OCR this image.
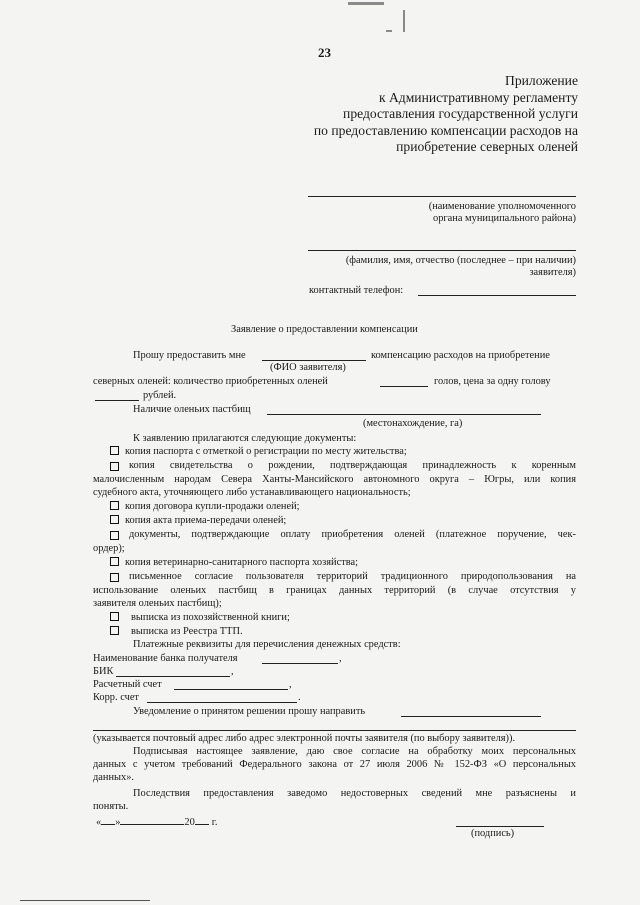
23
Приложение
к Административному регламенту
предоставления государственной услуги
по предоставлению компенсации расходов на
приобретение северных оленей
(наименование уполномоченного
органа муниципального района)
(фамилия, имя, отчество (последнее – при наличии)
заявителя)
контактный телефон:
Заявление о предоставлении компенсации
Прошу предоставить мне	компенсацию расходов на приобретение
(ФИО заявителя)
северных оленей: количество приобретенных оленей	голов, цена за одну голову
рублей.
Наличие оленьих пастбищ
(местонахождение, га)
К заявлению прилагаются следующие документы:
копия паспорта с отметкой о регистрации по месту жительства;
копия свидетельства о рождении, подтверждающая принадлежность к коренным
малочисленным народам Севера Ханты-Мансийского автономного округа – Югры, или копия
судебного акта, уточняющего либо устанавливающего национальность;
копия договора купли-продажи оленей;
копия акта приема-передачи оленей;
документы, подтверждающие оплату приобретения оленей (платежное поручение, чек-
ордер);
копия ветеринарно-санитарного паспорта хозяйства;
письменное согласие пользователя территорий традиционного природопользования на
использование оленьих пастбищ в границах данных территорий (в случае отсутствия у
заявителя оленьих пастбищ);
выписка из похозяйственной книги;
выписка из Реестра ТТП.
Платежные реквизиты для перечисления денежных средств:
Наименование банка получателя	,
БИК	,
Расчетный счет	,
Корр. счет	.
Уведомление о принятом решении прошу направить
(указывается почтовый адрес либо адрес электронной почты заявителя (по выбору заявителя)).
Подписывая настоящее заявление, даю свое согласие на обработку моих персональных
данных с учетом требований Федерального закона от 27 июля 2006 № 152-ФЗ «О персональных
данных».
Последствия предоставления заведомо недостоверных сведений мне разъяснены и
поняты.
« »	20 г.
(подпись)
